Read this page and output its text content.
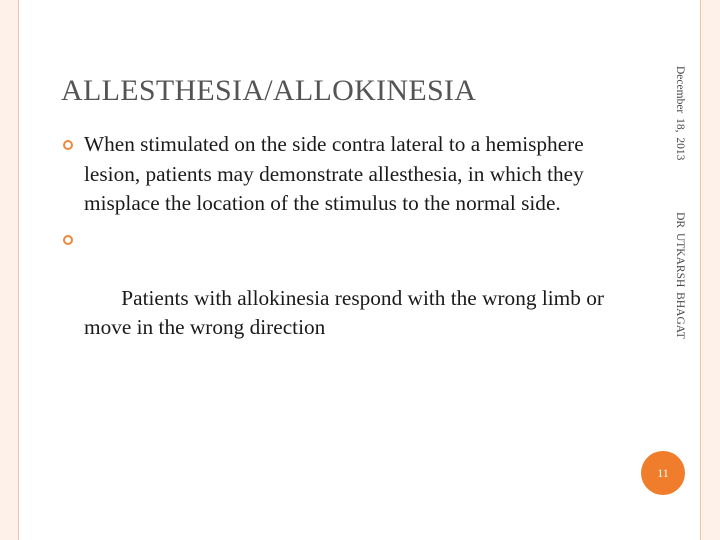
ALLESTHESIA/ALLOKINESIA
When stimulated on the side contra lateral to a hemisphere lesion, patients may demonstrate allesthesia, in which they misplace the location of the stimulus to the normal side.

Patients with allokinesia respond with the wrong limb or move in the wrong direction

December 18, 2013  DR UTKARSH BHAGAT
11
